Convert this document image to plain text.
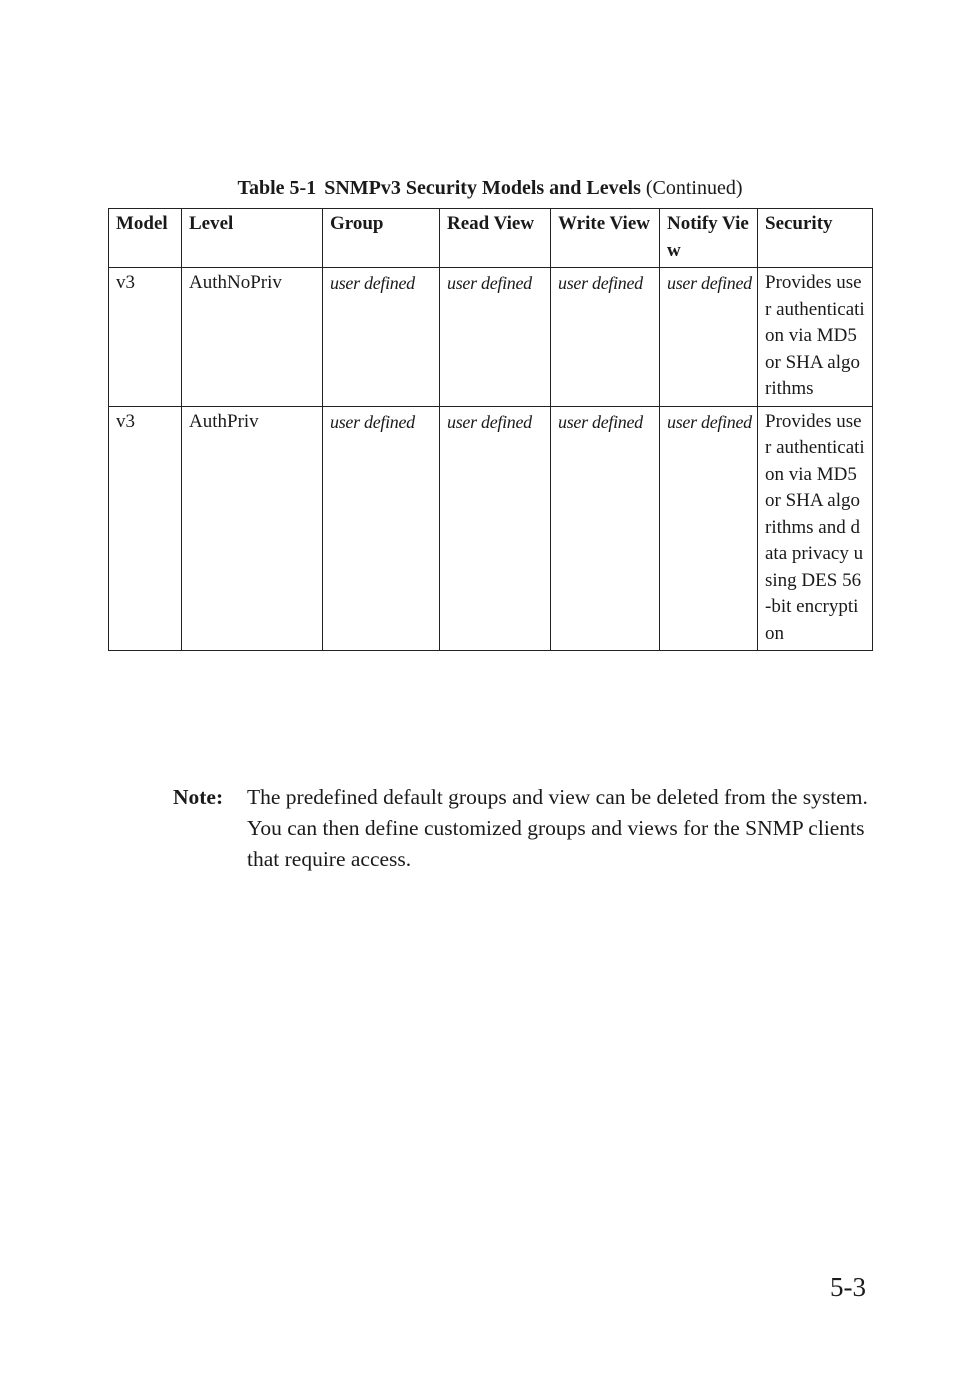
Table 5-1 SNMPv3 Security Models and Levels (Continued)
Model	Level	Group	Read View	Write View	Notify View	Security
v3	AuthNoPriv	user defined	user defined	user defined	user defined	Provides user authentication via MD5 or SHA algorithms
v3	AuthPriv	user defined	user defined	user defined	user defined	Provides user authentication via MD5 or SHA algorithms and data privacy using DES 56-bit encryption
Note: The predefined default groups and view can be deleted from the system. You can then define customized groups and views for the SNMP clients that require access.
5-3
